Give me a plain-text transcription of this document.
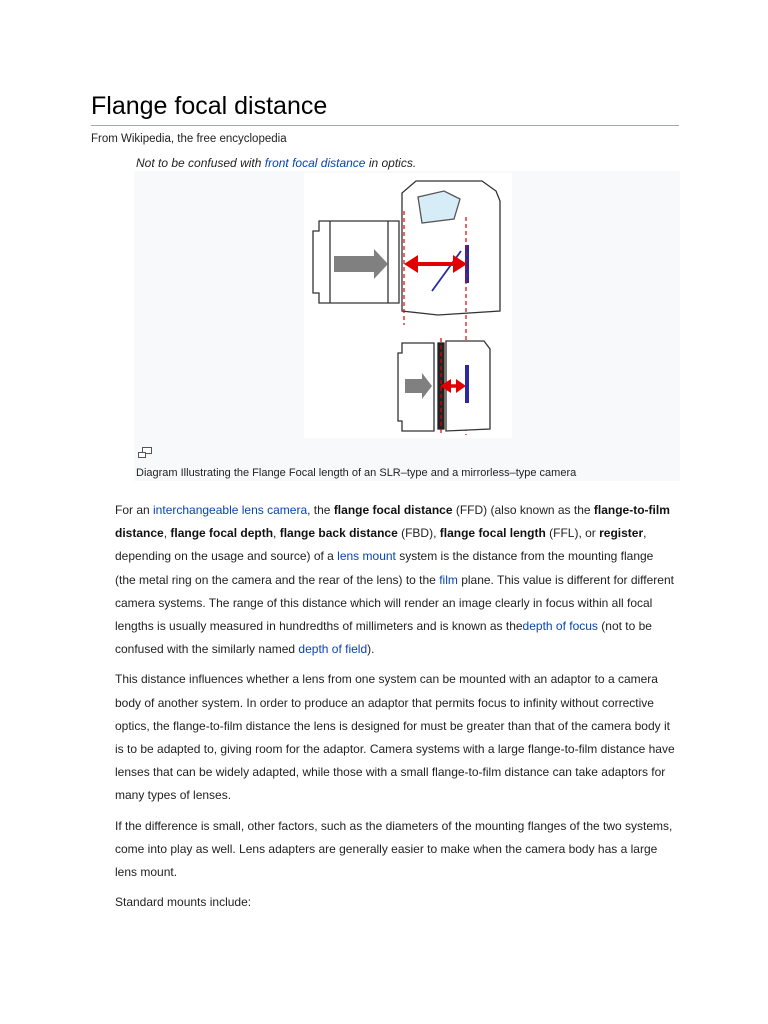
Flange focal distance
From Wikipedia, the free encyclopedia
Not to be confused with front focal distance in optics.
Diagram Illustrating the Flange Focal length of an SLR–type and a mirrorless–type camera

For an interchangeable lens camera, the flange focal distance (FFD) (also known as the flange-to-film distance, flange focal depth, flange back distance (FBD), flange focal length (FFL), or register, depending on the usage and source) of a lens mount system is the distance from the mounting flange (the metal ring on the camera and the rear of the lens) to the film plane. This value is different for different camera systems. The range of this distance which will render an image clearly in focus within all focal lengths is usually measured in hundredths of millimeters and is known as thedepth of focus (not to be confused with the similarly named depth of field).

This distance influences whether a lens from one system can be mounted with an adaptor to a camera body of another system. In order to produce an adaptor that permits focus to infinity without corrective optics, the flange-to-film distance the lens is designed for must be greater than that of the camera body it is to be adapted to, giving room for the adaptor. Camera systems with a large flange-to-film distance have lenses that can be widely adapted, while those with a small flange-to-film distance can take adaptors for many types of lenses.

If the difference is small, other factors, such as the diameters of the mounting flanges of the two systems, come into play as well. Lens adapters are generally easier to make when the camera body has a large lens mount.

Standard mounts include:
